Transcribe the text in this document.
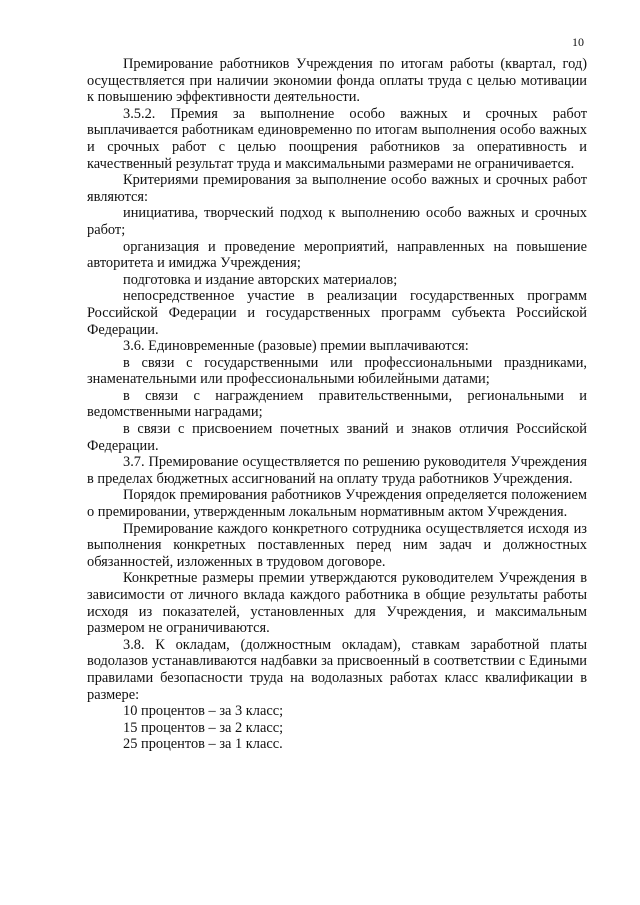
10

Премирование работников Учреждения по итогам работы (квартал, год) осуществляется при наличии экономии фонда оплаты труда с целью мотивации к повышению эффективности деятельности.

3.5.2. Премия за выполнение особо важных и срочных работ выплачивается работникам единовременно по итогам выполнения особо важных и срочных работ с целью поощрения работников за оперативность и качественный результат труда и максимальными размерами не ограничивается.

Критериями премирования за выполнение особо важных и срочных работ являются:

инициатива, творческий подход к выполнению особо важных и срочных работ;

организация и проведение мероприятий, направленных на повышение авторитета и имиджа Учреждения;

подготовка и издание авторских материалов;

непосредственное участие в реализации государственных программ Российской Федерации и государственных программ субъекта Российской Федерации.

3.6. Единовременные (разовые) премии выплачиваются:

в связи с государственными или профессиональными праздниками, знаменательными или профессиональными юбилейными датами;

в связи с награждением правительственными, региональными и ведомственными наградами;

в связи с присвоением почетных званий и знаков отличия Российской Федерации.

3.7. Премирование осуществляется по решению руководителя Учреждения в пределах бюджетных ассигнований на оплату труда работников Учреждения.

Порядок премирования работников Учреждения определяется положением о премировании, утвержденным локальным нормативным актом Учреждения.

Премирование каждого конкретного сотрудника осуществляется исходя из выполнения конкретных поставленных перед ним задач и должностных обязанностей, изложенных в трудовом договоре.

Конкретные размеры премии утверждаются руководителем Учреждения в зависимости от личного вклада каждого работника в общие результаты работы исходя из показателей, установленных для Учреждения, и максимальным размером не ограничиваются.

3.8. К окладам, (должностным окладам), ставкам заработной платы водолазов устанавливаются надбавки за присвоенный в соответствии с Едиными правилами безопасности труда на водолазных работах класс квалификации в размере:

10 процентов – за 3 класс;

15 процентов – за 2 класс;

25 процентов – за 1 класс.
